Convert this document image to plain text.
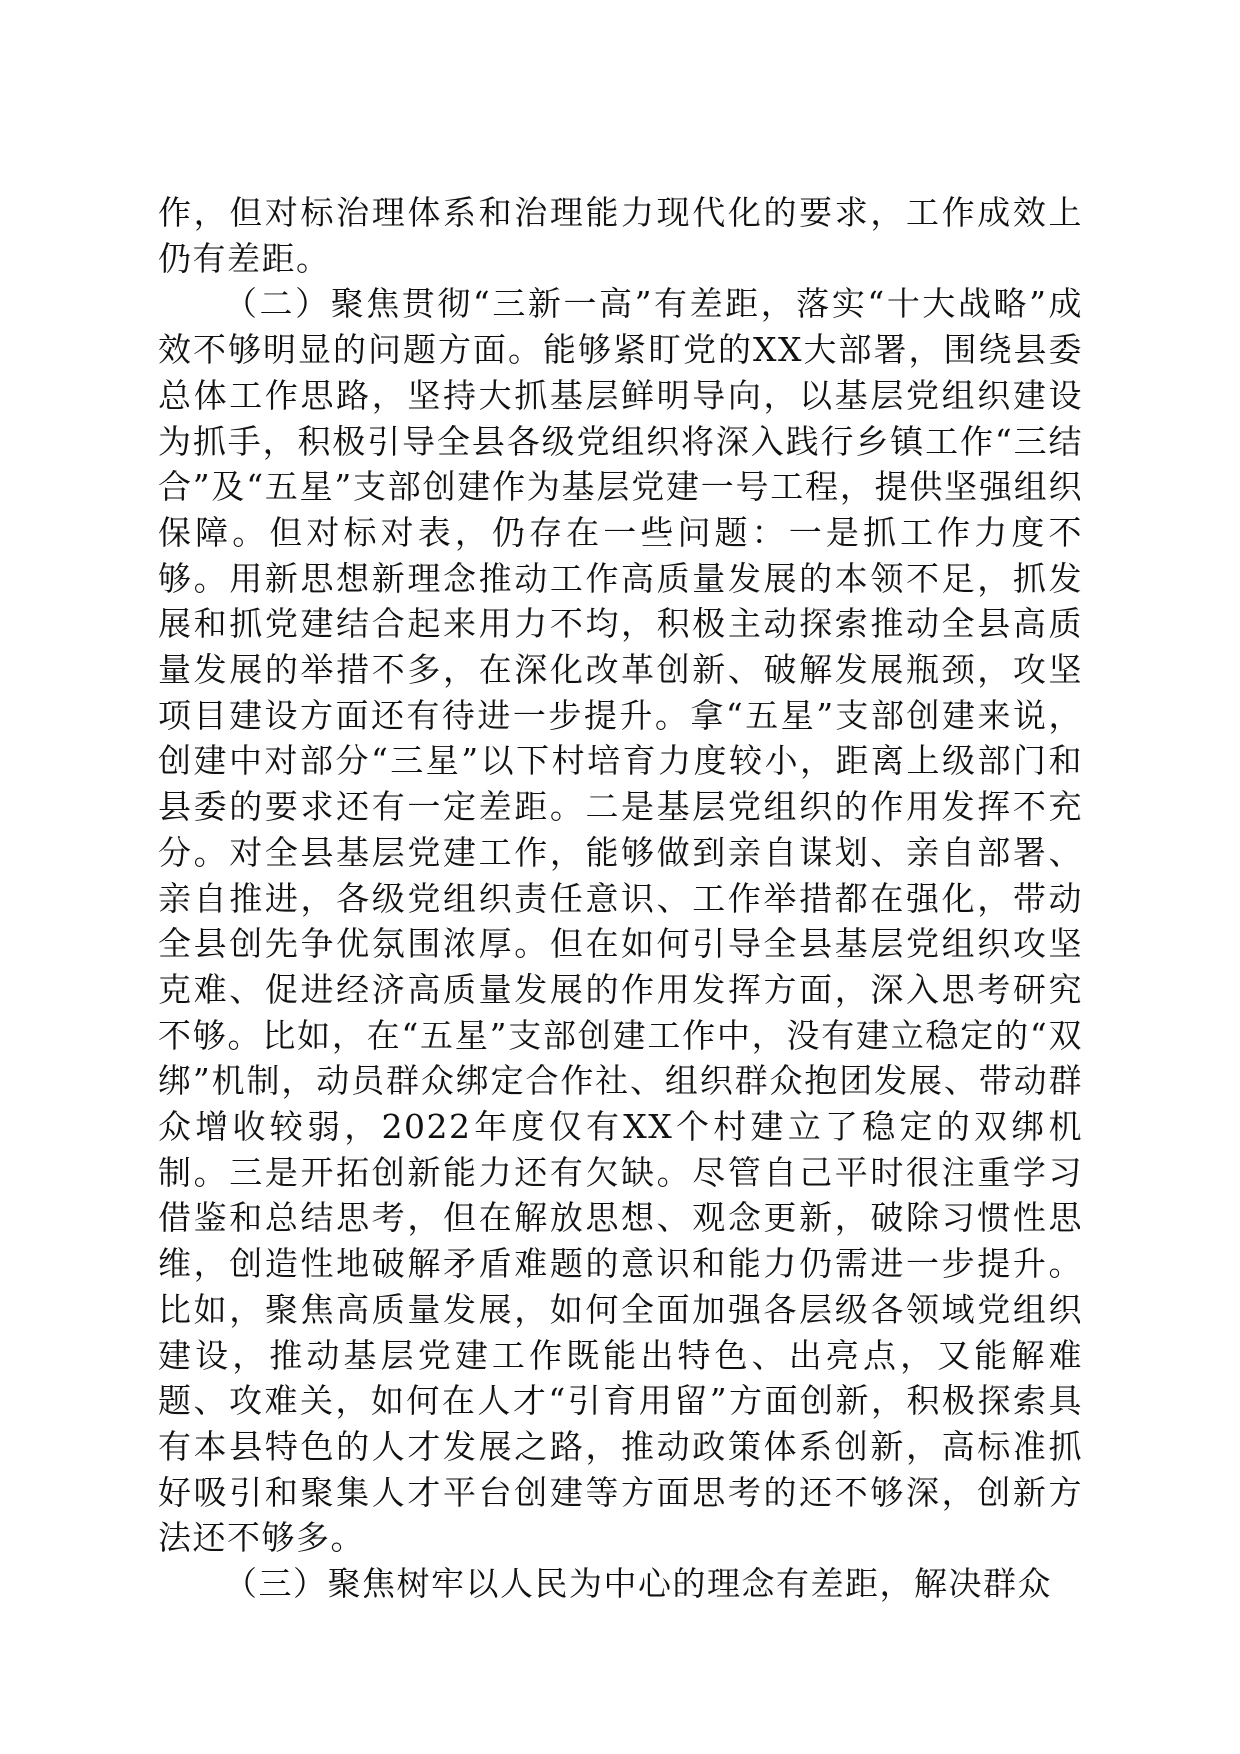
作，但对标治理体系和治理能力现代化的要求，工作成效上仍有差距。

（二）聚焦贯彻“三新一高”有差距，落实“十大战略”成效不够明显的问题方面。能够紧盯党的XX大部署，围绕县委总体工作思路，坚持大抓基层鲜明导向，以基层党组织建设为抓手，积极引导全县各级党组织将深入践行乡镇工作“三结合”及“五星”支部创建作为基层党建一号工程，提供坚强组织保障。但对标对表，仍存在一些问题：一是抓工作力度不够。用新思想新理念推动工作高质量发展的本领不足，抓发展和抓党建结合起来用力不均，积极主动探索推动全县高质量发展的举措不多，在深化改革创新、破解发展瓶颈，攻坚项目建设方面还有待进一步提升。拿“五星”支部创建来说，创建中对部分“三星”以下村培育力度较小，距离上级部门和县委的要求还有一定差距。二是基层党组织的作用发挥不充分。对全县基层党建工作，能够做到亲自谋划、亲自部署、亲自推进，各级党组织责任意识、工作举措都在强化，带动全县创先争优氛围浓厚。但在如何引导全县基层党组织攻坚克难、促进经济高质量发展的作用发挥方面，深入思考研究不够。比如，在“五星”支部创建工作中，没有建立稳定的“双绑”机制，动员群众绑定合作社、组织群众抱团发展、带动群众增收较弱，2022年度仅有XX个村建立了稳定的双绑机制。三是开拓创新能力还有欠缺。尽管自己平时很注重学习借鉴和总结思考，但在解放思想、观念更新，破除习惯性思维，创造性地破解矛盾难题的意识和能力仍需进一步提升。比如，聚焦高质量发展，如何全面加强各层级各领域党组织建设，推动基层党建工作既能出特色、出亮点，又能解难题、攻难关，如何在人才“引育用留”方面创新，积极探索具有本县特色的人才发展之路，推动政策体系创新，高标准抓好吸引和聚集人才平台创建等方面思考的还不够深，创新方法还不够多。

（三）聚焦树牢以人民为中心的理念有差距，解决群众
